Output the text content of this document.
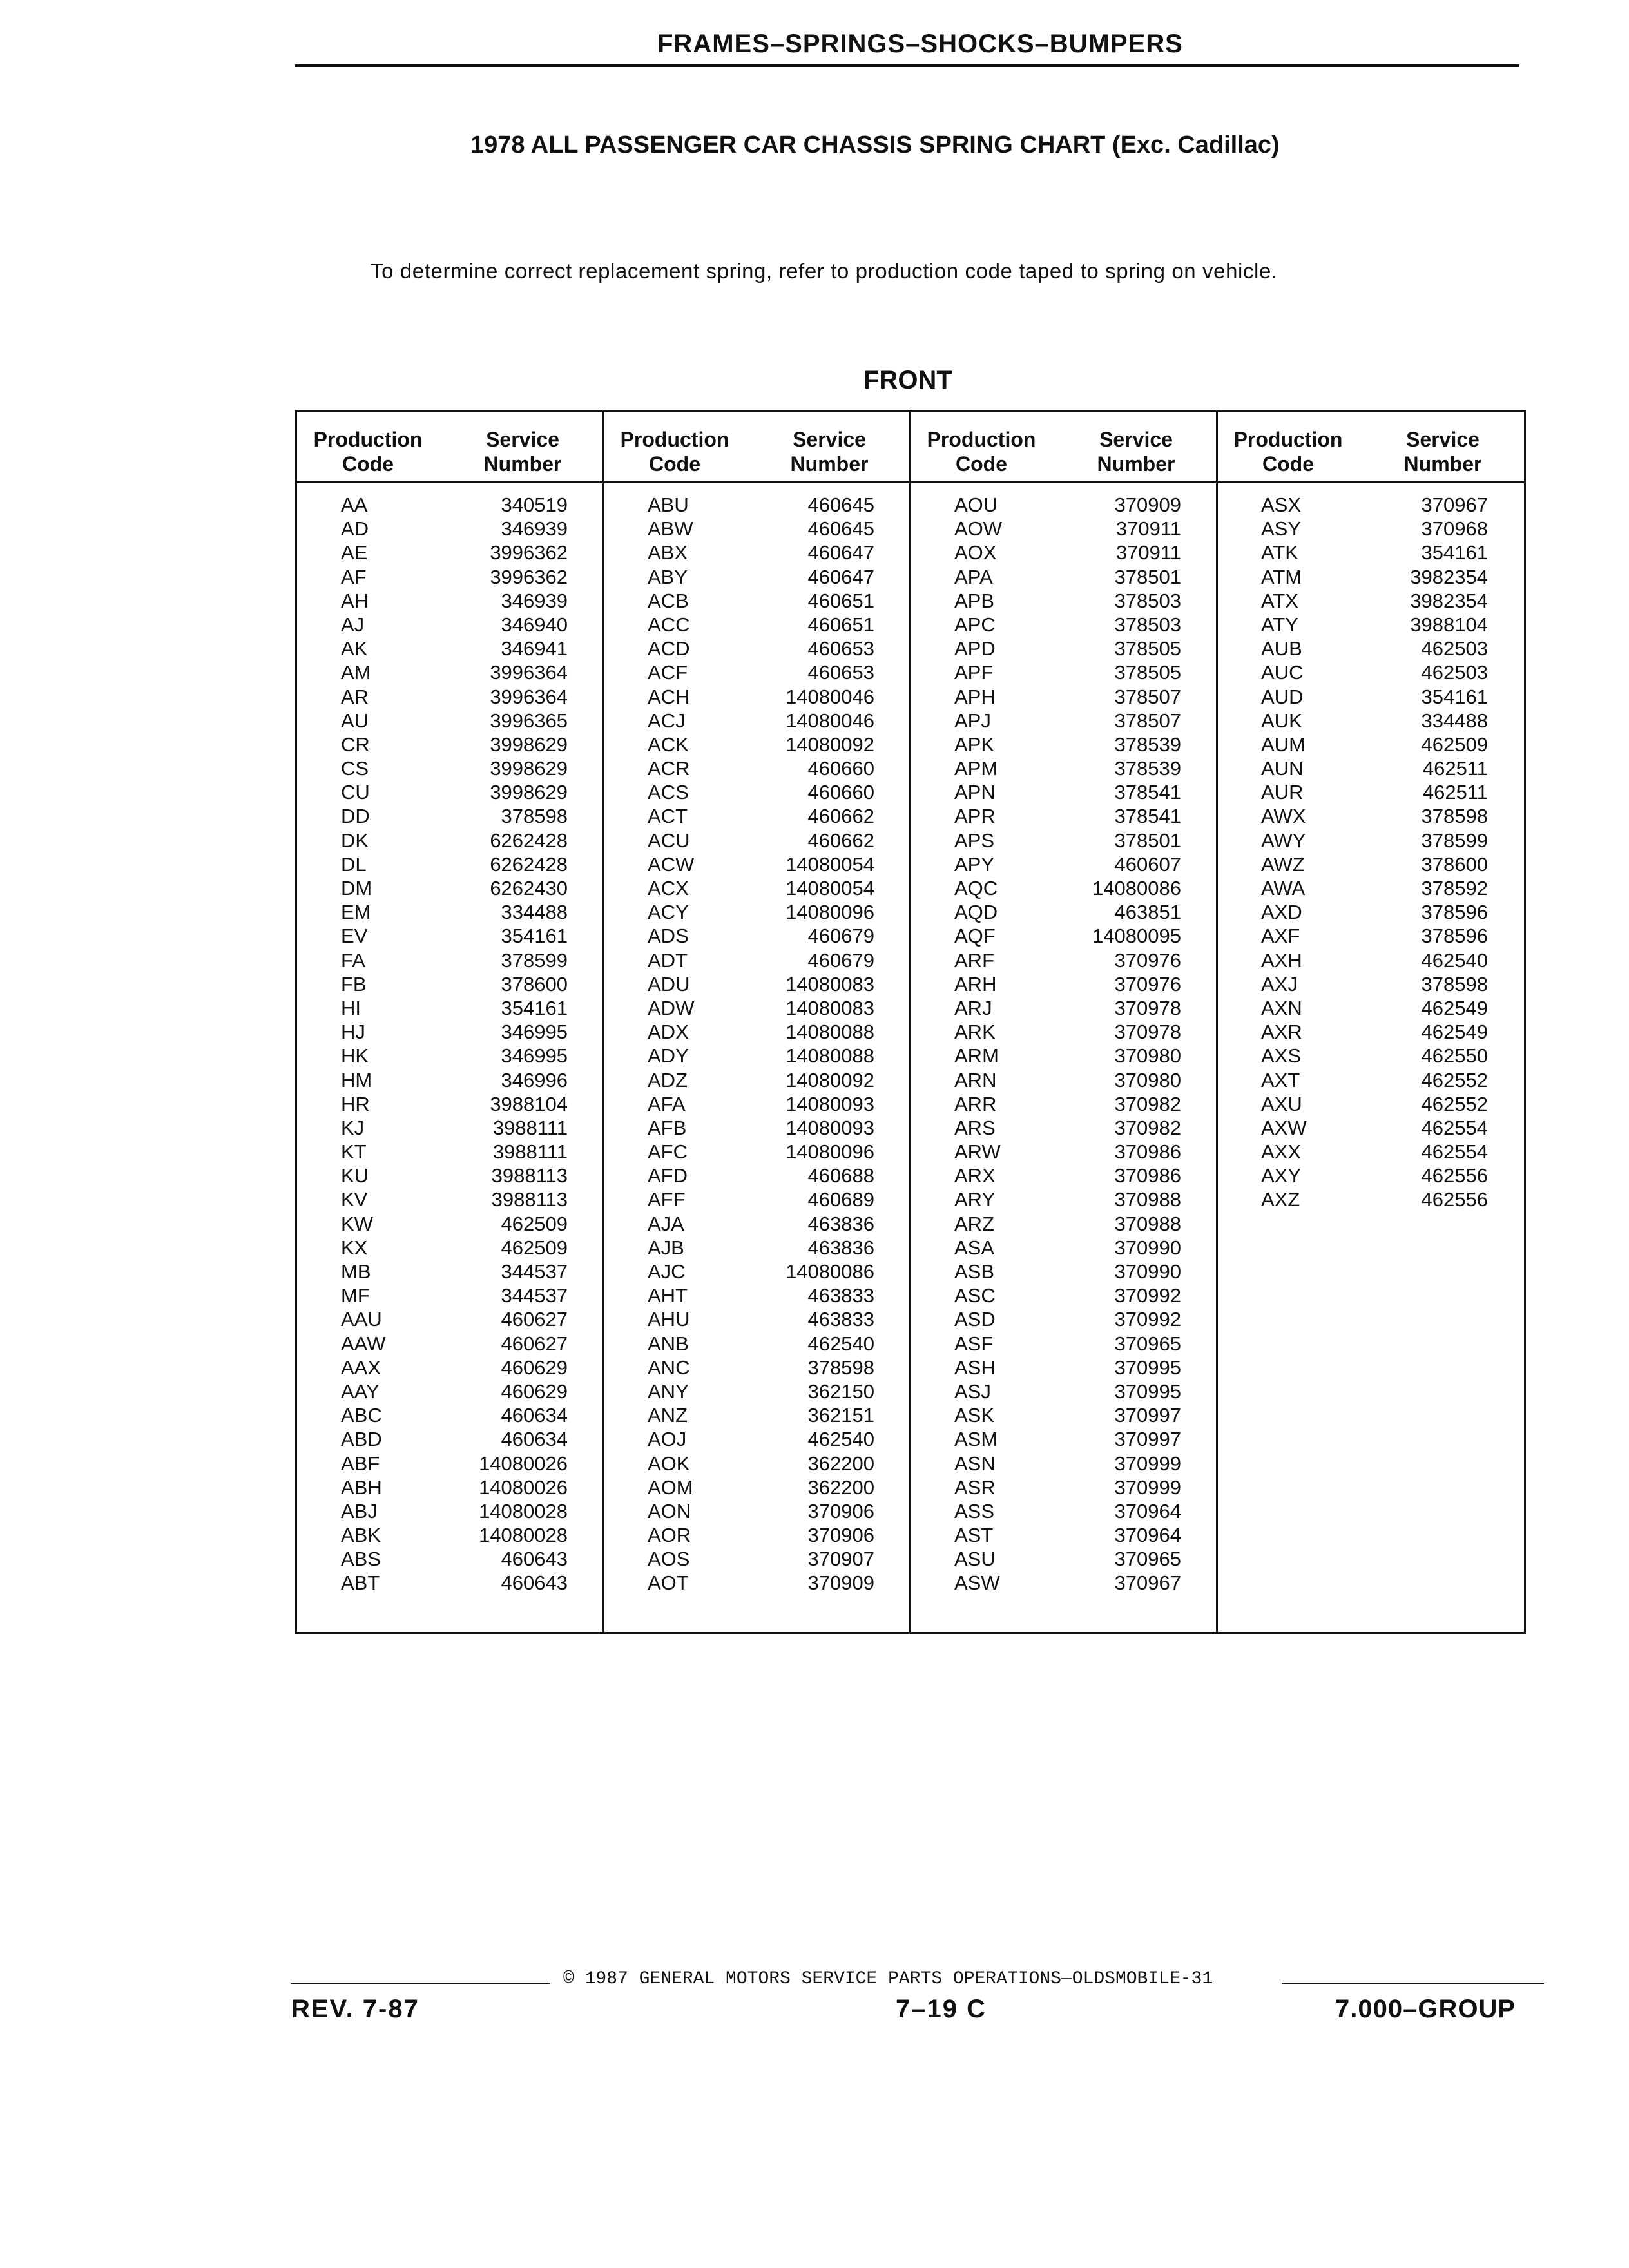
FRAMES–SPRINGS–SHOCKS–BUMPERS
1978 ALL PASSENGER CAR CHASSIS SPRING CHART (Exc. Cadillac)
To determine correct replacement spring, refer to production code taped to spring on vehicle.
FRONT
Production
Code
Service
Number
AA	340519
AD	346939
AE	3996362
AF	3996362
AH	346939
AJ	346940
AK	346941
AM	3996364
AR	3996364
AU	3996365
CR	3998629
CS	3998629
CU	3998629
DD	378598
DK	6262428
DL	6262428
DM	6262430
EM	334488
EV	354161
FA	378599
FB	378600
HI	354161
HJ	346995
HK	346995
HM	346996
HR	3988104
KJ	3988111
KT	3988111
KU	3988113
KV	3988113
KW	462509
KX	462509
MB	344537
MF	344537
AAU	460627
AAW	460627
AAX	460629
AAY	460629
ABC	460634
ABD	460634
ABF	14080026
ABH	14080026
ABJ	14080028
ABK	14080028
ABS	460643
ABT	460643
Production
Code
Service
Number
ABU	460645
ABW	460645
ABX	460647
ABY	460647
ACB	460651
ACC	460651
ACD	460653
ACF	460653
ACH	14080046
ACJ	14080046
ACK	14080092
ACR	460660
ACS	460660
ACT	460662
ACU	460662
ACW	14080054
ACX	14080054
ACY	14080096
ADS	460679
ADT	460679
ADU	14080083
ADW	14080083
ADX	14080088
ADY	14080088
ADZ	14080092
AFA	14080093
AFB	14080093
AFC	14080096
AFD	460688
AFF	460689
AJA	463836
AJB	463836
AJC	14080086
AHT	463833
AHU	463833
ANB	462540
ANC	378598
ANY	362150
ANZ	362151
AOJ	462540
AOK	362200
AOM	362200
AON	370906
AOR	370906
AOS	370907
AOT	370909
Production
Code
Service
Number
AOU	370909
AOW	370911
AOX	370911
APA	378501
APB	378503
APC	378503
APD	378505
APF	378505
APH	378507
APJ	378507
APK	378539
APM	378539
APN	378541
APR	378541
APS	378501
APY	460607
AQC	14080086
AQD	463851
AQF	14080095
ARF	370976
ARH	370976
ARJ	370978
ARK	370978
ARM	370980
ARN	370980
ARR	370982
ARS	370982
ARW	370986
ARX	370986
ARY	370988
ARZ	370988
ASA	370990
ASB	370990
ASC	370992
ASD	370992
ASF	370965
ASH	370995
ASJ	370995
ASK	370997
ASM	370997
ASN	370999
ASR	370999
ASS	370964
AST	370964
ASU	370965
ASW	370967
Production
Code
Service
Number
ASX	370967
ASY	370968
ATK	354161
ATM	3982354
ATX	3982354
ATY	3988104
AUB	462503
AUC	462503
AUD	354161
AUK	334488
AUM	462509
AUN	462511
AUR	462511
AWX	378598
AWY	378599
AWZ	378600
AWA	378592
AXD	378596
AXF	378596
AXH	462540
AXJ	378598
AXN	462549
AXR	462549
AXS	462550
AXT	462552
AXU	462552
AXW	462554
AXX	462554
AXY	462556
AXZ	462556
© 1987 GENERAL MOTORS SERVICE PARTS OPERATIONS—OLDSMOBILE-31
REV. 7-87	7–19 C	7.000–GROUP
